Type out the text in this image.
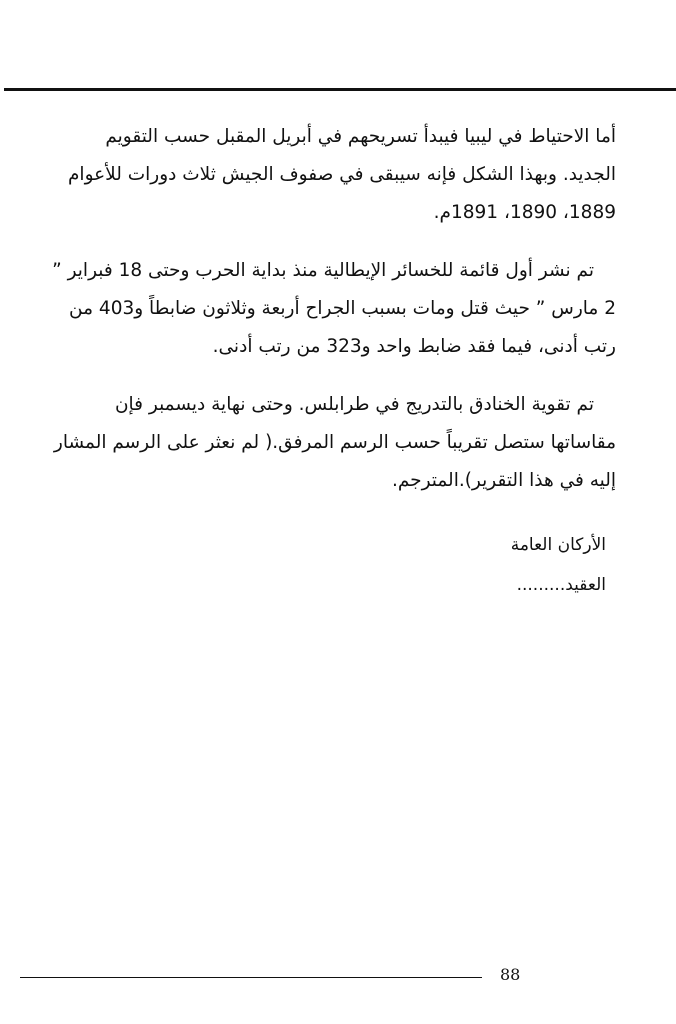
أما الاحتياط في ليبيا فيبدأ تسريحهم في أبريل المقبل حسب التقويم الجديد. وبهذا الشكل فإنه سيبقى في صفوف الجيش ثلاث دورات للأعوام 1889، 1890، 1891م.

تم نشر أول قائمة للخسائر الإيطالية منذ بداية الحرب وحتى 18 فبراير ” 2 مارس ” حيث قتل ومات بسبب الجراح أربعة وثلاثون ضابطاً و403 من رتب أدنى، فيما فقد ضابط واحد و323 من رتب أدنى.

تم تقوية الخنادق بالتدريج في طرابلس. وحتى نهاية ديسمبر فإن مقاساتها ستصل تقريباً حسب الرسم المرفق.( لم نعثر على الرسم المشار إليه في هذا التقرير).المترجم.

الأركان العامة
العقيد.........
88
